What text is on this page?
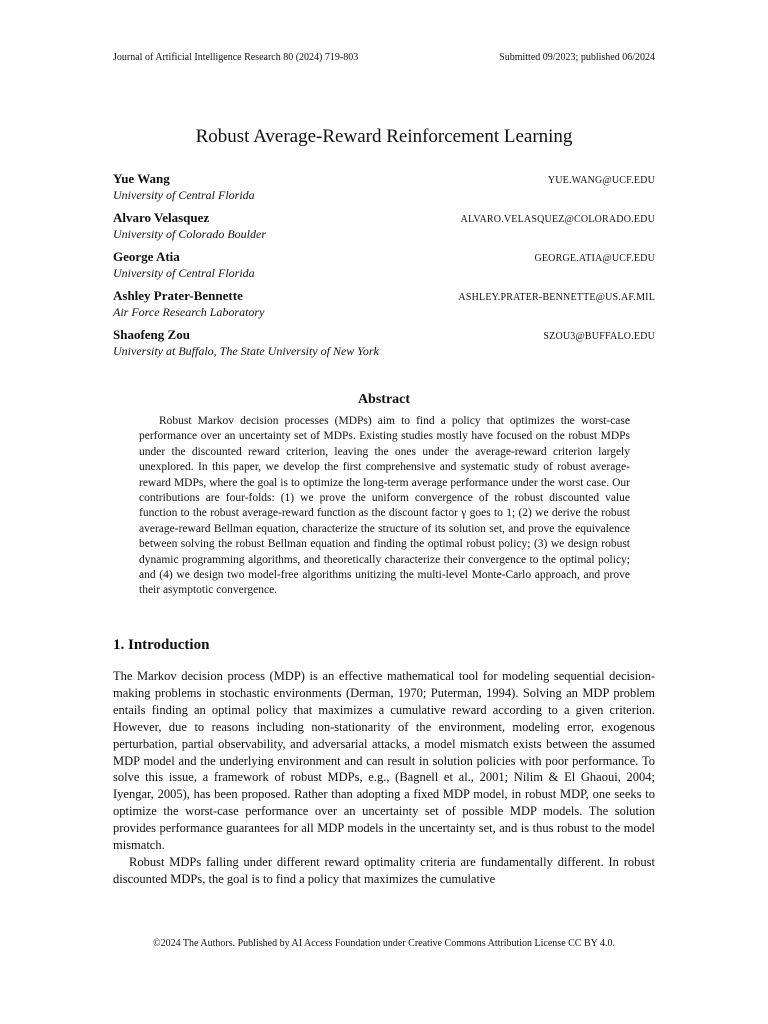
Journal of Artificial Intelligence Research 80 (2024) 719-803	Submitted 09/2023; published 06/2024
Robust Average-Reward Reinforcement Learning
Yue Wang	YUE.WANG@UCF.EDU
University of Central Florida
Alvaro Velasquez	ALVARO.VELASQUEZ@COLORADO.EDU
University of Colorado Boulder
George Atia	GEORGE.ATIA@UCF.EDU
University of Central Florida
Ashley Prater-Bennette	ASHLEY.PRATER-BENNETTE@US.AF.MIL
Air Force Research Laboratory
Shaofeng Zou	SZOU3@BUFFALO.EDU
University at Buffalo, The State University of New York
Abstract
Robust Markov decision processes (MDPs) aim to find a policy that optimizes the worst-case performance over an uncertainty set of MDPs. Existing studies mostly have focused on the robust MDPs under the discounted reward criterion, leaving the ones under the average-reward criterion largely unexplored. In this paper, we develop the first comprehensive and systematic study of robust average-reward MDPs, where the goal is to optimize the long-term average performance under the worst case. Our contributions are four-folds: (1) we prove the uniform convergence of the robust discounted value function to the robust average-reward function as the discount factor γ goes to 1; (2) we derive the robust average-reward Bellman equation, characterize the structure of its solution set, and prove the equivalence between solving the robust Bellman equation and finding the optimal robust policy; (3) we design robust dynamic programming algorithms, and theoretically characterize their convergence to the optimal policy; and (4) we design two model-free algorithms unitizing the multi-level Monte-Carlo approach, and prove their asymptotic convergence.
1. Introduction

The Markov decision process (MDP) is an effective mathematical tool for modeling sequential decision-making problems in stochastic environments (Derman, 1970; Puterman, 1994). Solving an MDP problem entails finding an optimal policy that maximizes a cumulative reward according to a given criterion. However, due to reasons including non-stationarity of the environment, modeling error, exogenous perturbation, partial observability, and adversarial attacks, a model mismatch exists between the assumed MDP model and the underlying environment and can result in solution policies with poor performance. To solve this issue, a framework of robust MDPs, e.g., (Bagnell et al., 2001; Nilim & El Ghaoui, 2004; Iyengar, 2005), has been proposed. Rather than adopting a fixed MDP model, in robust MDP, one seeks to optimize the worst-case performance over an uncertainty set of possible MDP models. The solution provides performance guarantees for all MDP models in the uncertainty set, and is thus robust to the model mismatch.

Robust MDPs falling under different reward optimality criteria are fundamentally different. In robust discounted MDPs, the goal is to find a policy that maximizes the cumulative

©2024 The Authors. Published by AI Access Foundation under Creative Commons Attribution License CC BY 4.0.
